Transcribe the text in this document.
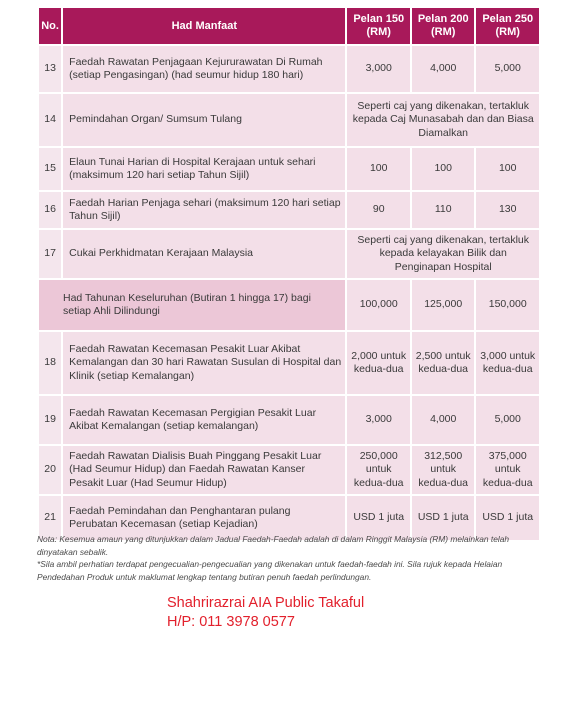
No.	Had Manfaat	Pelan 150 (RM)	Pelan 200 (RM)	Pelan 250 (RM)
13	Faedah Rawatan Penjagaan Kejururawatan Di Rumah (setiap Pengasingan) (had seumur hidup 180 hari)	3,000	4,000	5,000
14	Pemindahan Organ/ Sumsum Tulang	Seperti caj yang dikenakan, tertakluk kepada Caj Munasabah dan dan Biasa Diamalkan		
15	Elaun Tunai Harian di Hospital Kerajaan untuk sehari (maksimum 120 hari setiap Tahun Sijil)	100	100	100
16	Faedah Harian Penjaga sehari (maksimum 120 hari setiap Tahun Sijil)	90	110	130
17	Cukai Perkhidmatan Kerajaan Malaysia	Seperti caj yang dikenakan, tertakluk kepada kelayakan Bilik dan Penginapan Hospital		
Had Tahunan Keseluruhan (Butiran 1 hingga 17) bagi setiap Ahli Dilindungi		100,000	125,000	150,000
18	Faedah Rawatan Kecemasan Pesakit Luar Akibat Kemalangan dan 30 hari Rawatan Susulan di Hospital dan Klinik (setiap Kemalangan)	2,000 untuk kedua-dua	2,500 untuk kedua-dua	3,000 untuk kedua-dua
19	Faedah Rawatan Kecemasan Pergigian Pesakit Luar Akibat Kemalangan (setiap kemalangan)	3,000	4,000	5,000
20	Faedah Rawatan Dialisis Buah Pinggang Pesakit Luar (Had Seumur Hidup) dan Faedah Rawatan Kanser Pesakit Luar (Had Seumur Hidup)	250,000 untuk kedua-dua	312,500 untuk kedua-dua	375,000 untuk kedua-dua
21	Faedah Pemindahan dan Penghantaran pulang Perubatan Kecemasan (setiap Kejadian)	USD 1 juta	USD 1 juta	USD 1 juta

Nota: Kesemua amaun yang ditunjukkan dalam Jadual Faedah-Faedah adalah di dalam Ringgit Malaysia (RM) melainkan telah dinyatakan sebalik.

*Sila ambil perhatian terdapat pengecualian-pengecualian yang dikenakan untuk faedah-faedah ini. Sila rujuk kepada Helaian Pendedahan Produk untuk maklumat lengkap tentang butiran penuh faedah perlindungan.

Shahrirazrai AIA Public Takaful
H/P: 011 3978 0577
